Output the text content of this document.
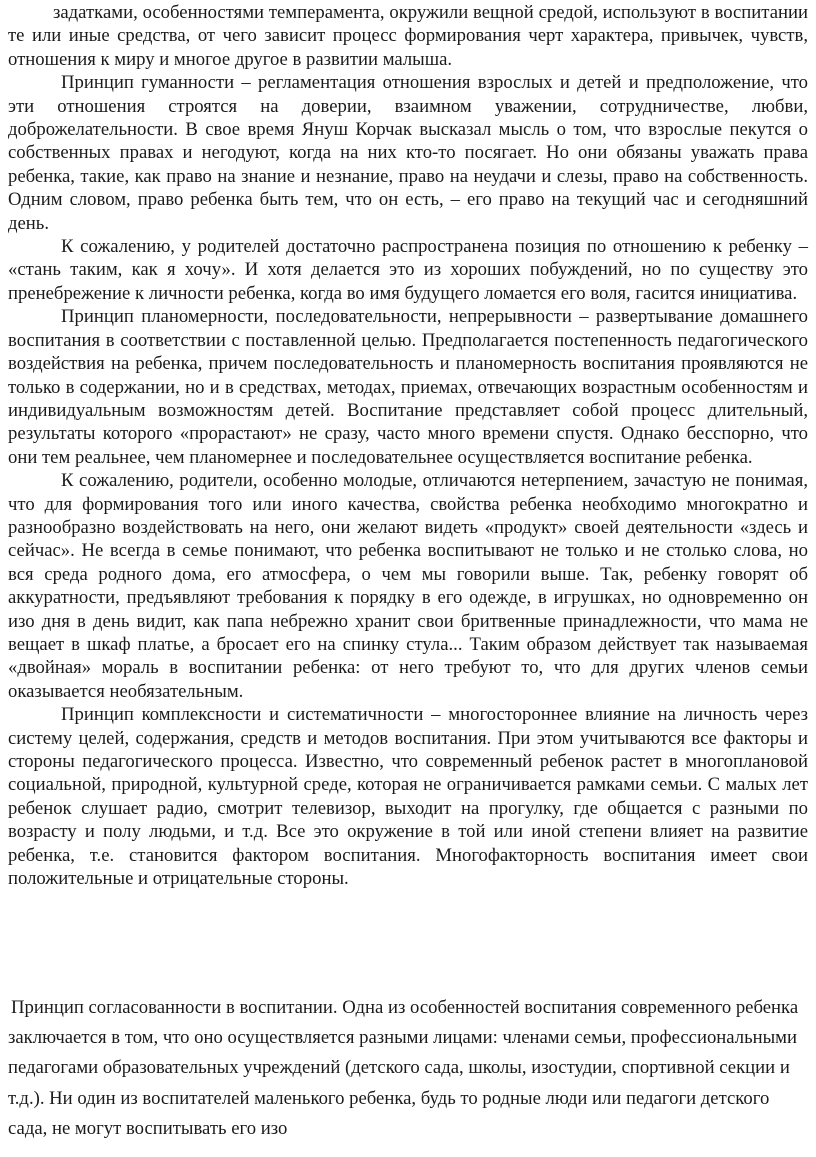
задатками, особенностями темперамента, окружили вещной средой, используют в воспитании те или иные средства, от чего зависит процесс формирования черт характера, привычек, чувств, отношения к миру и многое другое в развитии малыша.

Принцип гуманности – регламентация отношения взрослых и детей и предположение, что эти отношения строятся на доверии, взаимном уважении, сотрудничестве, любви, доброжелательности. В свое время Януш Корчак высказал мысль о том, что взрослые пекутся о собственных правах и негодуют, когда на них кто-то посягает. Но они обязаны уважать права ребенка, такие, как право на знание и незнание, право на неудачи и слезы, право на собственность. Одним словом, право ребенка быть тем, что он есть, – его право на текущий час и сегодняшний день.

К сожалению, у родителей достаточно распространена позиция по отношению к ребенку – «стань таким, как я хочу». И хотя делается это из хороших побуждений, но по существу это пренебрежение к личности ребенка, когда во имя будущего ломается его воля, гасится инициатива.

Принцип планомерности, последовательности, непрерывности – развертывание домашнего воспитания в соответствии с поставленной целью. Предполагается постепенность педагогического воздействия на ребенка, причем последовательность и планомерность воспитания проявляются не только в содержании, но и в средствах, методах, приемах, отвечающих возрастным особенностям и индивидуальным возможностям детей. Воспитание представляет собой процесс длительный, результаты которого «прорастают» не сразу, часто много времени спустя. Однако бесспорно, что они тем реальнее, чем планомернее и последовательнее осуществляется воспитание ребенка.

К сожалению, родители, особенно молодые, отличаются нетерпением, зачастую не понимая, что для формирования того или иного качества, свойства ребенка необходимо многократно и разнообразно воздействовать на него, они желают видеть «продукт» своей деятельности «здесь и сейчас». Не всегда в семье понимают, что ребенка воспитывают не только и не столько слова, но вся среда родного дома, его атмосфера, о чем мы говорили выше. Так, ребенку говорят об аккуратности, предъявляют требования к порядку в его одежде, в игрушках, но одновременно он изо дня в день видит, как папа небрежно хранит свои бритвенные принадлежности, что мама не вещает в шкаф платье, а бросает его на спинку стула... Таким образом действует так называемая «двойная» мораль в воспитании ребенка: от него требуют то, что для других членов семьи оказывается необязательным.

Принцип комплексности и систематичности – многостороннее влияние на личность через систему целей, содержания, средств и методов воспитания. При этом учитываются все факторы и стороны педагогического процесса. Известно, что современный ребенок растет в многоплановой социальной, природной, культурной среде, которая не ограничивается рамками семьи. С малых лет ребенок слушает радио, смотрит телевизор, выходит на прогулку, где общается с разными по возрасту и полу людьми, и т.д. Все это окружение в той или иной степени влияет на развитие ребенка, т.е. становится фактором воспитания. Многофакторность воспитания имеет свои положительные и отрицательные стороны.

Принцип согласованности в воспитании. Одна из особенностей воспитания современного ребенка заключается в том, что оно осуществляется разными лицами: членами семьи, профессиональными педагогами образовательных учреждений (детского сада, школы, изостудии, спортивной секции и т.д.). Ни один из воспитателей маленького ребенка, будь то родные люди или педагоги детского сада, не могут воспитывать его изо
